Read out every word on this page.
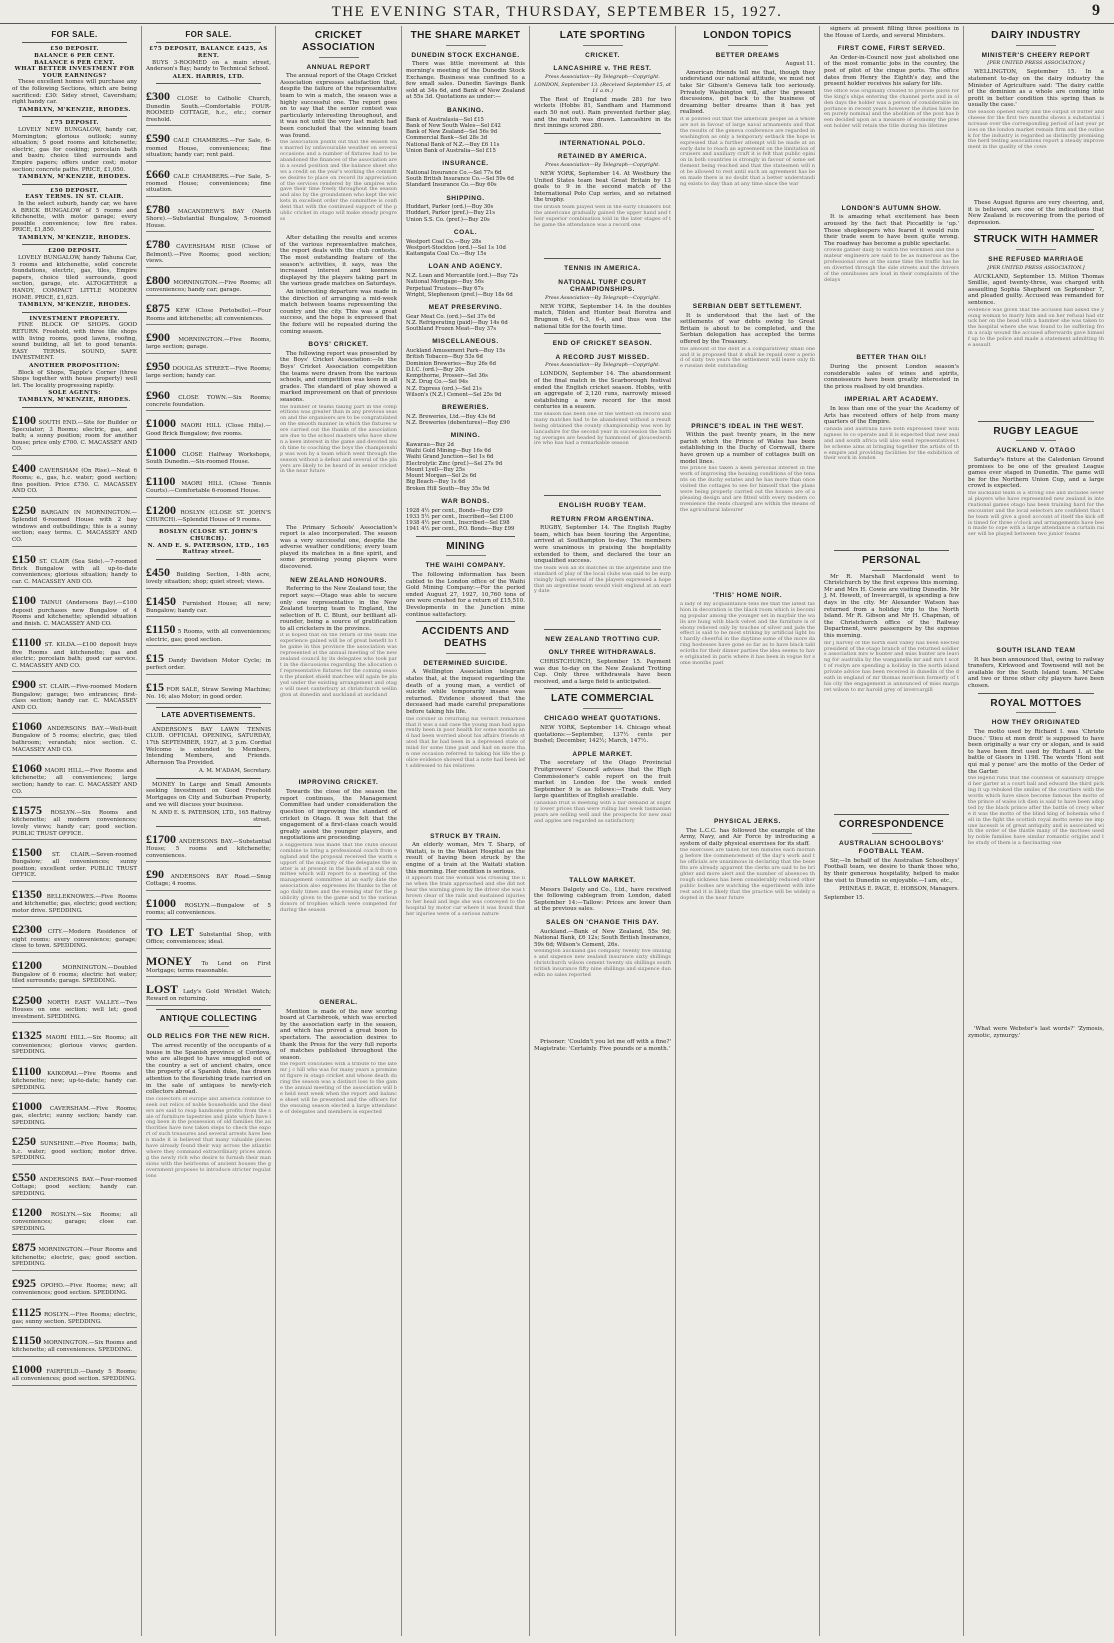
THE EVENING STAR, THURSDAY, SEPTEMBER 15, 1927.	9
FOR SALE.
£50 DEPOSIT.
BALANCE 6 PER CENT.
BALANCE 6 PER CENT.
WHAT BETTER INVESTMENT FOR YOUR EARNINGS?

These excellent homes will purchase any of the following Sections, which are being sacrificed: £30: Sidey street, Caversham; right handy car.

TAMBLYN, M'KENZIE, RHODES.
£75 DEPOSIT.

LOVELY NEW BUNGALOW, handy car, Mornington; glorious outlook; sunny situation; 5 good rooms and kitchenette; electric, gas for cooking; porcelain bath and basin; choice tiled surrounds and Empire papers; offers under cost; motor section; concrete paths. PRICE, £1,050.

TAMBLYN, M'KENZIE, RHODES.
£50 DEPOSIT.
EASY TERMS. IN ST. CLAIR.

In the select suburb, handy car, we have A BRICK BUNGALOW of 5 rooms and kitchenette, with motor garage; every possible convenience; low fire rates. PRICE, £1,850.

TAMBLYN, M'KENZIE, RHODES.
£200 DEPOSIT.

LOVELY BUNGALOW, handy Tahuna Car, 5 rooms and kitchenette, solid concrete foundations, electric, gas, tiles, Empire papers, choice tiled surrounds, good section, garage, etc. ALTOGETHER a HANDY, COMPACT LITTLE MODERN HOME. PRICE, £1,625.

TAMBLYN, M'KENZIE, RHODES.
INVESTMENT PROPERTY.

FINE BLOCK OF SHOPS. GOOD RETURN. Freehold, with three tile shops with living rooms, good lawns, roofing, sound building, all let to good tenants. EASY TERMS. SOUND, SAFE INVESTMENT.

ANOTHER PROPOSITION:

Block of Shops, Tapple's Corner (three Shops together with house property) well let. The locality progressing rapidly.

SOLE AGENTS:
TAMBLYN, M'KENZIE, RHODES.
£100 SOUTH END.—Site for Builder or Speculator; 3 Rooms; electric, gas, and bath; a sunny position; room for another house; price only £700. C. MACASSEY AND CO.
£400 CAVERSHAM (On Rise).—Neat 6 Rooms; e., gas, h.c. water; good section; fine position. Price £750. C. MACASSEY AND CO.
£250 BARGAIN IN MORNINGTON.—Splendid 6-roomed House with 2 bay windows and outbuildings; this is a sunny section; easy terms. C. MACASSEY AND CO.
£150 ST. CLAIR (Sea Side).—7-roomed Brick Bungalow with all up-to-date conveniences; glorious situation; handy to car. C. MACASSEY AND CO.
£100 TAINUI (Andersons Bay).—£100 deposit purchases new Bungalow of 4 Rooms and kitchenette; splendid situation and finish. C. MACASSEY AND CO.
£1100 ST. KILDA.—£100 deposit buys five Rooms and kitchenette; gas and electric; porcelain bath; good car service. C. MACASSEY AND CO.
£900 ST. CLAIR.—Five-roomed Modern Bungalow; garage; two entrances; first-class section; handy car. C. MACASSEY AND CO.
£1060 ANDERSONS BAY.—Well-built Bungalow of 5 rooms; electric, gas; tiled bathroom; verandah; nice section. C. MACASSEY AND CO.
£1060 MAORI HILL.—Five Rooms and kitchenette; all conveniences; large section; handy to car. C. MACASSEY AND CO.
£1575 ROSLYN.—Six Rooms and kitchenette; all modern conveniences; lovely views; handy car; good section. PUBLIC TRUST OFFICE.
£1500 ST. CLAIR.—Seven-roomed Bungalow; all conveniences; sunny position; excellent order. PUBLIC TRUST OFFICE.
£1350 BELLEKNOWES.—Five Rooms and kitchenette; gas, electric; good section; motor drive. SPEDDING.
£2300 CITY.—Modern Residence of eight rooms; every convenience; garage; close to town. SPEDDING.
£1200	MORNINGTON.—Doubled Bungalow of 6 rooms; electric hot water; tiled surrounds; garage. SPEDDING.
£2500 NORTH EAST VALLEY.—Two Houses on one section; well let; good investment. SPEDDING.
£1325 MAORI HILL.—Six Rooms; all conveniences; glorious views; garden. SPEDDING.
£1100 KAIKORAI.—Five Rooms and kitchenette; new; up-to-date; handy car. SPEDDING.
£1000 CAVERSHAM.—Five Rooms; gas, electric; sunny section; handy car. SPEDDING.
£250 SUNSHINE.—Five Rooms; bath, h.c. water; good section; motor drive. SPEDDING.
£550 ANDERSONS BAY.—Four-roomed Cottage; good section; handy car. SPEDDING.
£1200 ROSLYN.—Six Rooms; all conveniences; garage; close car. SPEDDING.
£875 MORNINGTON.—Four Rooms and kitchenette; electric, gas; good section. SPEDDING.
£925 OPOHO.—Five Rooms; new; all conveniences; good section. SPEDDING.
£1125 ROSLYN.—Five Rooms; electric, gas; sunny section. SPEDDING.
£1150 MORNINGTON.—Six Rooms and kitchenette; all conveniences. SPEDDING.
£1000 FAIRFIELD.—Dandy 5 Rooms; all conveniences; good section. SPEDDING.
FOR SALE.
£75 DEPOSIT, BALANCE £425, AS RENT.

BUYS 3-ROOMED on a main street, Anderson's Bay; handy to Technical School.

ALEX. HARRIS, LTD.
£300 CLOSE to Catholic Church, Dunedin South.—Comfortable FOUR-ROOMED COTTAGE, h.c., etc.; corner freehold.
£590 CALE CHAMBERS.—For Sale, 6-roomed House, conveniences; fine situation; handy car; rent paid.
£660 CALE CHAMBERS.—For Sale, 5-roomed House; conveniences; fine situation.
£780 MACANDREW'S BAY (North Shore).—Substantial Bungalow, 5-roomed House.
£780 CAVERSHAM RISE (Close of Belmont).—Five Rooms; good section; views.
£800 MORNINGTON.—Five Rooms; all conveniences; handy car; garage.
£875 KEW (Close Portobello).—Four Rooms and kitchenette; all conveniences.
£900 MORNINGTON.—Five Rooms, large section; garage.
£950 DOUGLAS STREET.—Five Rooms; large section; handy car.
£960 CLOSE TOWN.—Six Rooms; concrete foundation.
£1000 MAORI HILL (Close Hills).—Good Brick Bungalow; five rooms.
£1000 CLOSE Halfway Workshops, South Dunedin.—Six-roomed House.
£1100 MAORI HILL (Close Tennis Courts).—Comfortable 6-roomed House.
£1200 ROSLYN (CLOSE ST. JOHN'S CHURCH).—Splendid House of 9 rooms.
ROSLYN (CLOSE ST. JOHN'S CHURCH).
N. AND E. S. PATERSON, LTD., 165 Rattray street.
£450 Building Section, 1-8th acre, lovely situation; shop; quiet street; views.
£1450 Furnished House; all new; Bungalow; handy car.
£1150 5 Rooms, with all conveniences; electric, gas; good section.
£15 Dandy Davidson Motor Cycle; in perfect order.
£15 FOR SALE, Straw Sewing Machine; No. 16; also Motor; in good order.
LATE ADVERTISEMENTS.

ANDERSON'S BAY LAWN TENNIS CLUB. OFFICIAL OPENING, SATURDAY, 17th SEPTEMBER, 1927, at 3 p.m. Cordial Welcome is extended to Members, Intending Members, and Friends. Afternoon Tea Provided.

A. M. M'ADAM, Secretary.

MONEY In Large and Small Amounts seeking Investment on Good Freehold Mortgages on City and Suburban Property, and we will discuss your business.

N. AND E. S. PATERSON, LTD., 165 Rattray street.
£1700 ANDERSONS BAY.—Substantial House; 5 rooms and kitchenette; conveniences.
£90 ANDERSONS BAY Road.—Snug Cottage; 4 rooms.
£1000 ROSLYN.—Bungalow of 5 rooms; all conveniences.
TO LET Substantial Shop, with Office; conveniences; ideal.
MONEY To Lend on First Mortgage; terms reasonable.
LOST Lady's Gold Wristlet Watch; Reward on returning.
ANTIQUE COLLECTING
OLD RELICS FOR THE NEW RICH.

The arrest recently of the occupants of a house in the Spanish province of Cordova, who are alleged to have smuggled out of the country a set of ancient chairs, once the property of a Spanish duke, has drawn attention to the flourishing trade carried on in the sale of antiques to newly-rich collectors abroad.

the collectors of europe and america continue to seek out relics of noble households and the dealers are said to reap handsome profits from the sale of furniture tapestries and plate which have long been in the possession of old families the authorities have now taken steps to check the export of such treasures and several arrests have been made it is believed that many valuable pieces have already found their way across the atlantic where they command extraordinary prices among the newly rich who desire to furnish their mansions with the heirlooms of ancient houses the government proposes to introduce stricter regulations
CRICKET ASSOCIATION
ANNUAL REPORT

The annual report of the Otago Cricket Association expresses satisfaction that, despite the failure of the representative team to win a match, the season was a highly successful one. The report goes on to say that the senior contest was particularly interesting throughout, and it was not until the very last match had been concluded that the winning team was found.

the association points out that the season was marred by unfavourable weather on several occasions and a number of fixtures had to be abandoned the finances of the association are in a sound position and the balance sheet shows a credit on the year's working the committee desires to place on record its appreciation of the services rendered by the umpires who gave their time freely throughout the season and also by the groundsmen who kept the wickets in excellent order the committee is confident that with the continued support of the public cricket in otago will make steady progress

After detailing the results and scores of the various representative matches, the report deals with the club contests. The most outstanding feature of the season's activities, it says, was the increased interest and keenness displayed by the players taking part in the various grade matches on Saturdays.

An interesting departure was made in the direction of arranging a mid-week match between teams representing the country and the city. This was a great success, and the hope is expressed that the fixture will be repeated during the coming season.

BOYS' CRICKET.

The following report was presented by the Boys' Cricket Association:—In the Boys' Cricket Association competition the teams were drawn from the various schools, and competition was keen in all grades. The standard of play showed a marked improvement on that of previous seasons.

the number of teams taking part in the competitions was greater than in any previous season and the organisers are to be congratulated on the smooth manner in which the fixtures were carried out the thanks of the association are due to the school masters who have shown a keen interest in the game and devoted much time to coaching the boys the championship was won by a team which went through the season without a defeat and several of the players are likely to be heard of in senior cricket in the near future

The Primary Schools' Association's report is also incorporated. The season was a very successful one, despite the adverse weather conditions; every team played its matches in a fine spirit, and some promising young players were discovered.

NEW ZEALAND HONOURS.

Referring to the New Zealand tour, the report says:—Otago was able to secure only one representative in the New Zealand touring team to England, the selection of R. C. Blunt, our brilliant all-rounder, being a source of gratification to all cricketers in the province.

it is hoped that on the return of the team the experience gained will be of great benefit to the game in this province the association was represented at the annual meeting of the new zealand council by its delegates who took part in the discussions regarding the allocation of representative fixtures for the coming season the plunket shield matches will again be played under the existing arrangement and otago will meet canterbury at christchurch wellington at dunedin and auckland at auckland
IMPROVING CRICKET.

Towards the close of the season the report continues, the Management Committee had under consideration the question of improving the standard of cricket in Otago. It was felt that the engagement of a first-class coach would greatly assist the younger players, and negotiations are proceeding.

a suggestion was made that the clubs should combine to bring a professional coach from england and the proposal received the warm support of the majority of the delegates the matter is at present in the hands of a sub committee which will report to a meeting of the management committee at an early date the association also expresses its thanks to the otago daily times and the evening star for the publicity given to the game and to the various donors of trophies which were competed for during the season
GENERAL.

Mention is made of the new scoring board at Carisbrook, which was erected by the association early in the season, and which has proved a great boon to spectators. The association desires to thank the Press for the very full reports of matches published throughout the season.

the report concludes with a tribute to the late mr j c hill who was for many years a prominent figure in otago cricket and whose death during the season was a distinct loss to the game the annual meeting of the association will be held next week when the report and balance sheet will be presented and the officers for the ensuing season elected a large attendance of delegates and members is expected
THE SHARE MARKET
DUNEDIN STOCK EXCHANGE.

There was little movement at this morning's meeting of the Dunedin Stock Exchange. Business was confined to a few small sales. Dunedin Savings Bank sold at 34s 6d, and Bank of New Zealand at 55s 3d. Quotations as under:—

BANKING.
Bank of Australasia—Sel £15
Bank of New South Wales—Sel £42
Bank of New Zealand—Sel 56s 9d
Commercial Bank—Sel 28s 3d
National Bank of N.Z.—Buy £6 11s
Union Bank of Australia—Sel £15
INSURANCE.
National Insurance Co.—Sel 77s 6d
South British Insurance Co.—Sel 59s 6d
Standard Insurance Co.—Buy 60s
SHIPPING.
Huddart, Parker (ord.)—Buy 30s
Huddart, Parker (pref.)—Buy 21s
Union S.S. Co. (pref.)—Buy 20s
COAL.
Westport Coal Co.—Buy 28s
Westport-Stockton (ord.)—Sel 1s 10d
Kaitangata Coal Co.—Buy 15s
LOAN AND AGENCY.
N.Z. Loan and Mercantile (ord.)—Buy 72s
National Mortgage—Buy 56s
Perpetual Trustees—Buy 67s
Wright, Stephenson (pref.)—Buy 18s 6d
MEAT PRESERVING.
Gear Meat Co. (ord.)—Sel 37s 6d
N.Z. Refrigerating (paid)—Buy 14s 6d
Southland Frozen Meat—Buy 37s
MISCELLANEOUS.
Auckland Amusement Park—Buy 15s
British Tobacco—Buy 53s 6d
Dominion Breweries—Buy 26s 6d
D.I.C. (ord.)—Buy 20s
Kempthorne, Prosser—Sel 36s
N.Z. Drug Co.—Sel 94s
N.Z. Express (ord.)—Sel 21s
Wilson's (N.Z.) Cement—Sel 25s 9d
BREWERIES.
N.Z. Breweries, Ltd.—Buy 43s 6d
N.Z. Breweries (debentures)—Buy £90
MINING.
Kawarau—Buy 2d
Waihi Gold Mining—Buy 16s 6d
Waihi Grand Junction—Sel 1s 6d
Electrolytic Zinc (pref.)—Sel 27s 9d
Mount Lyell—Buy 25s
Mount Morgan—Sel 2s 6d
Big Beach—Buy 1s 6d
Broken Hill South—Buy 35s 9d
WAR BONDS.
1928 4½ per cent., Bonds—Buy £99
1933 5½ per cent., Inscribed—Sel £100
1938 4½ per cent., Inscribed—Sel £98
1941 4½ per cent., P.O. Bonds—Buy £99
MINING
THE WAIHI COMPANY.

The following information has been cabled to the London office of the Waihi Gold Mining Company:—For the period ended August 27, 1927, 10,760 tons of ore were crushed for a return of £15,510. Developments in the Junction mine continue satisfactory.

ACCIDENTS AND DEATHS
DETERMINED SUICIDE.

A Wellington Association telegram states that, at the inquest regarding the death of a young man, a verdict of suicide while temporarily insane was returned. Evidence showed that the deceased had made careful preparations before taking his life.

the coroner in returning his verdict remarked that it was a sad case the young man had apparently been in poor health for some months and had been worried about his affairs friends stated that he had been in a depressed state of mind for some time past and had on more than one occasion referred to taking his life the police evidence showed that a note had been left addressed to his relatives
STRUCK BY TRAIN.

An elderly woman, Mrs T. Sharp, of Waitati, is in the Wakari Hospital as the result of having been struck by the engine of a train at the Waitati station this morning. Her condition is serious.

it appears that the woman was crossing the line when the train approached and she did not hear the warning given by the driver she was thrown clear of the rails and sustained injuries to her head and legs she was conveyed to the hospital by motor car where it was found that her injuries were of a serious nature
LATE SPORTING
CRICKET.
LANCASHIRE v. THE REST.
Press Association—By Telegraph—Copyright.
LONDON, September 13. (Received September 15, at 11 a.m.)

The Rest of England made 281 for two wickets (Hobbs 81, Sandham and Hammond each 50 not out). Rain prevented further play, and the match was drawn. Lancashire in its first innings scored 280.

INTERNATIONAL POLO.
RETAINED BY AMERICA.
Press Association—By Telegraph—Copyright.

NEW YORK, September 14. At Westbury the United States team beat Great Britain by 13 goals to 9 in the second match of the International Polo Cup series, and so retained the trophy.

the british team played well in the early chukkers but the americans gradually gained the upper hand and their superior combination told in the later stages of the game the attendance was a record one
TENNIS IN AMERICA.
NATIONAL TURF COURT CHAMPIONSHIPS.
Press Association—By Telegraph—Copyright.

NEW YORK, September 14. In the doubles match, Tilden and Hunter beat Borotra and Brugnon 6-4, 6-3, 6-4, and thus won the national title for the fourth time.

END OF CRICKET SEASON.
A RECORD JUST MISSED.
Press Association—By Telegraph—Copyright.

LONDON, September 14. The abandonment of the final match in the Scarborough festival ended the English cricket season. Hobbs, with an aggregate of 2,120 runs, narrowly missed establishing a new record for the most centuries in a season.

the season has been one of the wettest on record and many matches had to be abandoned without a result being obtained the county championship was won by lancashire for the second year in succession the batting averages are headed by hammond of gloucestershire who has had a remarkable season
ENGLISH RUGBY TEAM.
RETURN FROM ARGENTINA.

RUGBY, September 14. The English Rugby team, which has been touring the Argentine, arrived at Southampton to-day. The members were unanimous in praising the hospitality extended to them, and declared the tour an unqualified success.

the team won all its matches in the argentine and the standard of play of the local clubs was said to be surprisingly high several of the players expressed a hope that an argentine team would visit england at an early date
NEW ZEALAND TROTTING CUP.
ONLY THREE WITHDRAWALS.

CHRISTCHURCH, September 15. Payment was due to-day on the New Zealand Trotting Cup. Only three withdrawals have been received, and a large field is anticipated.

LATE COMMERCIAL
CHICAGO WHEAT QUOTATIONS.

NEW YORK, September 14. Chicago wheat quotations:—September, 137½ cents per bushel; December, 142½; March, 147½.

APPLE MARKET.

The secretary of the Otago Provincial Fruitgrowers' Council advises that the High Commissioner's cable report on the fruit market in London for the week ended September 9 is as follows:—Trade dull. Very large quantities of English available.

canadian fruit is meeting with a fair demand at slightly lower prices than were ruling last week tasmanian pears are selling well and the prospects for new zealand apples are regarded as satisfactory
TALLOW MARKET.

Messrs Dalgety and Co., Ltd., have received the following cablegram from London, dated September 14:—Tallow: Prices are lower than at the previous sales.

SALES ON 'CHANGE THIS DAY.

Auckland.—Bank of New Zealand, 55s 9d; National Bank, £6 12s; South British Insurance, 59s 6d; Wilson's Cement, 26s.

wellington auckland gas company twenty five shillings and sixpence new zealand insurance sixty shillings christchurch wilson cement twenty six shillings south british insurance fifty nine shillings and sixpence dunedin no sales reported

Prisoner: 'Couldn't you let me off with a fine?' Magistrate: 'Certainly. Five pounds or a month.'

LONDON TOPICS
BETTER DREAMS
August 11.

American friends tell me that, though they understand our national attitude, we must not take Sir Gibson's Geneva talk too seriously. Privately Washington will, after the present discussions, get back to the business of dreaming better dreams than it has yet realised.

it is pointed out that the american people as a whole are not in favour of large naval armaments and that the results of the geneva conference are regarded in washington as only a temporary setback the hope is expressed that a further attempt will be made at an early date to reach an agreement on the limitation of cruisers and auxiliary craft it is felt that public opinion in both countries is strongly in favour of some settlement being reached and that the statesmen will not be allowed to rest until such an agreement has been made there is no doubt that a better understanding exists to day than at any time since the war
SERBIAN DEBT SETTLEMENT.

It is understood that the last of the settlements of war debts owing to Great Britain is about to be completed, and the Serbian delegation has accepted the terms offered by the Treasury.

the amount of the debt is a comparatively small one and it is proposed that it shall be repaid over a period of sixty two years the settlement will leave only the russian debt outstanding
PRINCE'S IDEAL IN THE WEST.

Within the past twenty years, in the new parish which the Prince of Wales has been establishing in the Duchy of Cornwall, there have grown up a number of cottages built on model lines.

the prince has taken a keen personal interest in the work of improving the housing conditions of the tenants on the duchy estates and he has more than once visited the cottages to see for himself that the plans were being properly carried out the houses are of a pleasing design and are fitted with every modern convenience the rents charged are within the means of the agricultural labourer
'THIS' HOME NOIR.
a lady of my acquaintance tells me that the latest fashion in decoration is the black room which is becoming popular among the younger set in mayfair the walls are hung with black velvet and the furniture is of ebony relieved only by touches of silver and jade the effect is said to be most striking by artificial light but hardly cheerful in the daytime some of the more daring hostesses have gone so far as to have black tablecloths for their dinner parties the idea seems to have originated in paris where it has been in vogue for some months past
PHYSICAL JERKS.

The L.C.C. has followed the example of the Army, Navy, and Air Force by introducing a system of daily physical exercises for its staff.

the exercises are taken for ten minutes each morning before the commencement of the day's work and the officials are unanimous in declaring that the benefits are already apparent the clerks are said to be brighter and more alert and the number of absences through sickness has been considerably reduced other public bodies are watching the experiment with interest and it is likely that the practice will be widely adopted in the near future

signers at present filling three positions in the House of Lords, and several Ministers.

FIRST COME, FIRST SERVED.

An Order-in-Council now just abolished one of the most romantic jobs in the country, the post of pilot of the cinque ports. The office dates from Henry the Eighth's day, and the present holder receives his salary for life.

the office was originally created to provide pilots for the king's ships entering the channel ports and in olden days the holder was a person of considerable importance in recent years however the duties have been purely nominal and the abolition of the post has been decided upon as a measure of economy the present holder will retain the title during his lifetime
LONDON'S AUTUMN SHOW.

It is amazing what excitement has been aroused by the fact that Piccadilly is 'up.' Those shopkeepers who feared it would ruin their trade seem to have been quite wrong. The roadway has become a public spectacle.

crowds gather daily to watch the workmen and the amateur engineers are said to be as numerous as the professional ones at the same time the traffic has been diverted through the side streets and the drivers of the omnibuses are loud in their complaints of the delays
BETTER THAN OIL!

During the present London season's considerable sales of wines and spirits, connoisseurs have been greatly interested in the prices realised by old brandies.

IMPERIAL ART ACADEMY.

In less than one of the year the Academy of Arts has received offers of help from many quarters of the Empire.

canada and australia have both expressed their willingness to co operate and it is expected that new zealand and south africa will also send representatives the scheme aims at bringing together the artists of the empire and providing facilities for the exhibition of their work in london
PERSONAL

Mr R. Marshall Macdonald went to Christchurch by the first express this morning. Mr and Mrs H. Cowie are visiting Dunedin. Mr J. M. Hewett, of Invercargill, is spending a few days in the city. Mr Alexander Watson has returned from a holiday trip to the North Island. Mr R. Gibson and Mr H. Chapman, of the Christchurch office of the Railway Department, were passengers by the express this morning.

mr j harvey of the north east valley has been elected president of the otago branch of the returned soldiers association mrs w hunter and miss hunter are leaving for australia by the wanganella mr and mrs t scott of roslyn are spending a holiday in the north island private advice has been received in dunedin of the death in england of mr thomas morrison formerly of this city the engagement is announced of miss margaret wilson to mr harold grey of invercargill
CORRESPONDENCE
AUSTRALIAN SCHOOLBOYS' FOOTBALL TEAM.

Sir,—In behalf of the Australian Schoolboys' Football team, we desire to thank those who, by their generous hospitality, helped to make the visit to Dunedin so enjoyable.—I am, etc.,

PHINEAS E. PAGE, E. HOBSON, Managers.
September 15.
DAIRY INDUSTRY
MINISTER'S CHEERY REPORT
[PER UNITED PRESS ASSOCIATION.]

WELLINGTON, September 15. In a statement to-day on the dairy industry the Minister of Agriculture said: 'The dairy cattle of the dominion as a whole are coming into profit in better condition this spring than is usually the case.'

the season opened early and the output of butter and cheese for the first two months shows a substantial increase over the corresponding period of last year prices on the london market remain firm and the outlook for the industry is regarded as distinctly promising the herd testing associations report a steady improvement in the quality of the cows

These August figures are very cheering, and, it is believed, are one of the indications that New Zealand is recovering from the period of depression.

STRUCK WITH HAMMER
SHE REFUSED MARRIAGE
[PER UNITED PRESS ASSOCIATION.]

AUCKLAND, September 15. Milton Thomas Smillie, aged twenty-three, was charged with assaulting Sophia Shepherd on September 7, and pleaded guilty. Accused was remanded for sentence.

evidence was given that the accused had asked the young woman to marry him and on her refusal had struck her on the head with a hammer she was taken to the hospital where she was found to be suffering from a scalp wound the accused afterwards gave himself up to the police and made a statement admitting the assault
RUGBY LEAGUE
AUCKLAND V. OTAGO

Saturday's fixture at the Caledonian Ground promises to be one of the greatest League games ever staged in Dunedin. The game will be for the Northern Union Cup, and a large crowd is expected.

the auckland team is a strong one and includes several players who have represented new zealand in international games otago has been training hard for the encounter and the local selectors are confident that the team will give a good account of itself the kick off is timed for three o'clock and arrangements have been made to cope with a large attendance a curtain raiser will be played between two junior teams
SOUTH ISLAND TEAM

It has been announced that, owing to railway transfers, Kirkwood and Townsend will not be available for the South Island team. M'Cabe and two or three other city players have been chosen.

ROYAL MOTTOES
HOW THEY ORIGINATED

The motto used by Richard I. was 'Christo Duce.' 'Dieu et mon droit' is supposed to have been originally a war cry or slogan, and is said to have been first used by Richard I. at the battle of Gisors in 1198. The words 'Honi soit qui mal y pense' are the motto of the Order of the Garter.

the legend runs that the countess of salisbury dropped her garter at a court ball and edward the third picking it up rebuked the smiles of the courtiers with the words which have since become famous the motto of the prince of wales ich dien is said to have been adopted by the black prince after the battle of crecy where it was the motto of the blind king of bohemia who fell in the fight the scottish royal motto nemo me impune lacessit is of great antiquity and is associated with the order of the thistle many of the mottoes used by noble families have similar romantic origins and the study of them is a fascinating one

'What were Webster's last words?' 'Zymosis, zymotic, zymurgy.'
